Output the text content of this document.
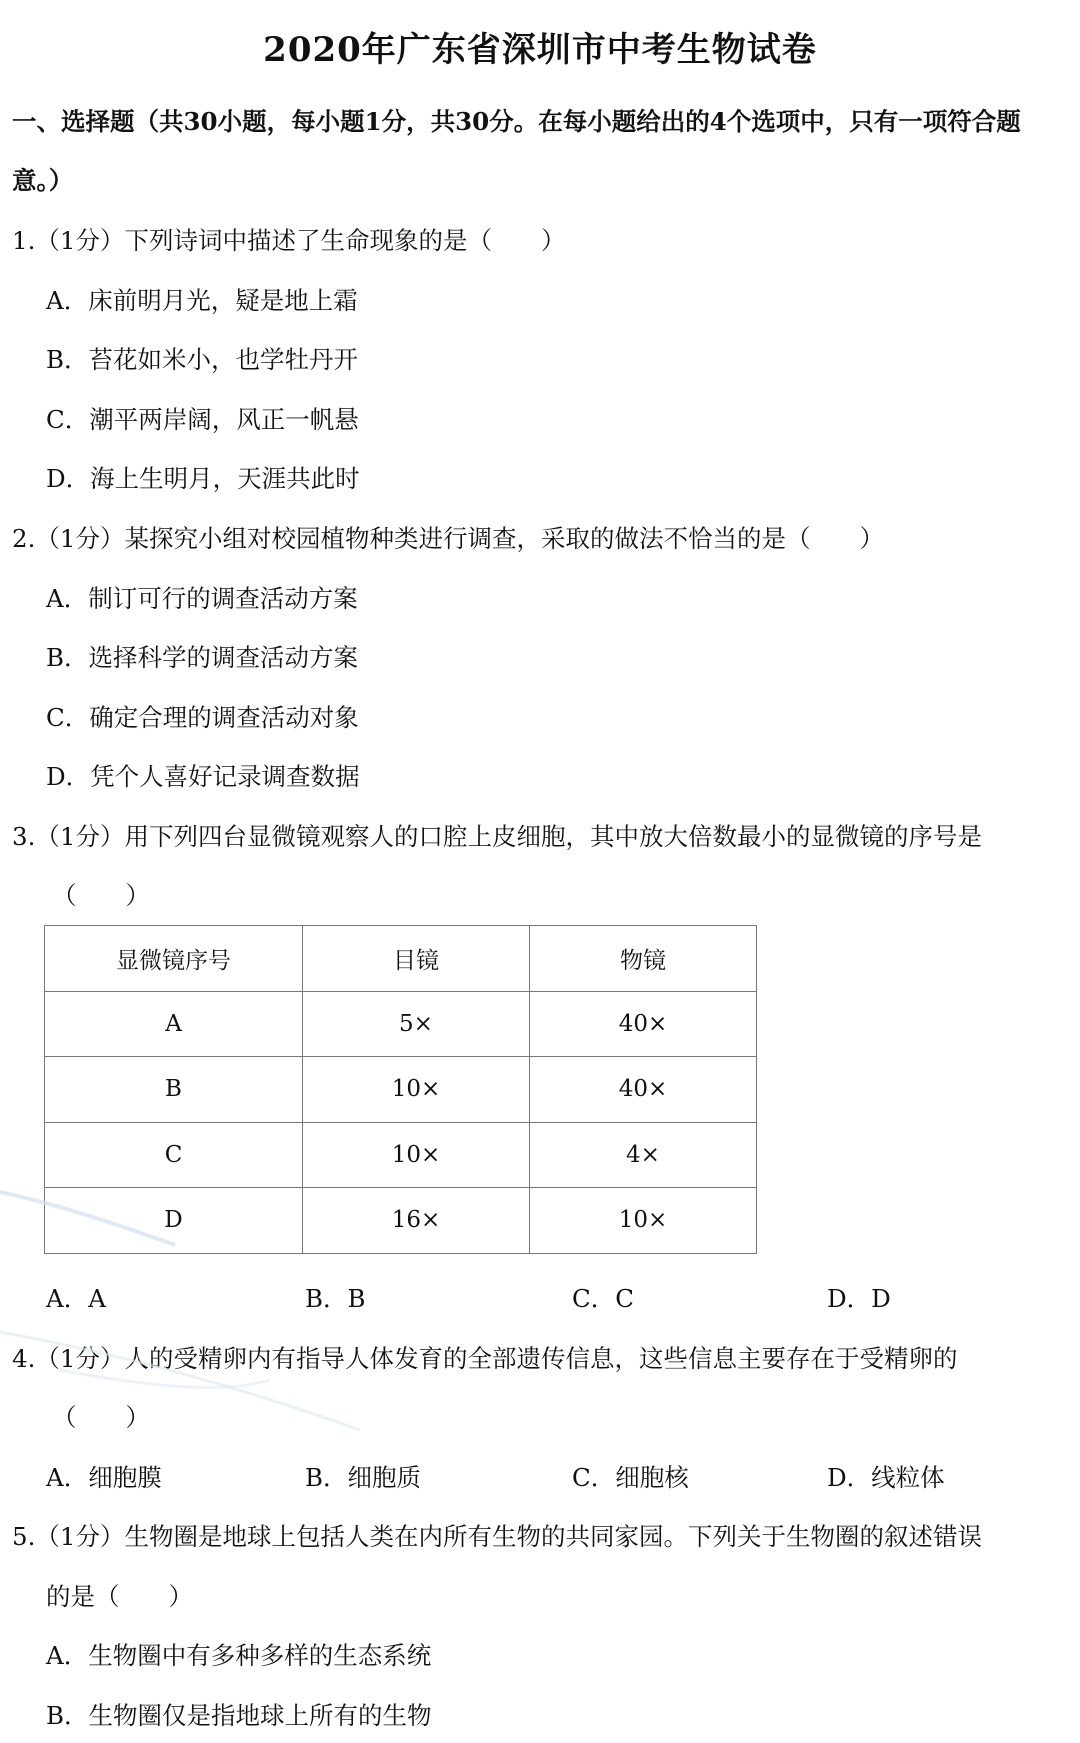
2020年广东省深圳市中考生物试卷

一、选择题（共30小题，每小题1分，共30分。在每小题给出的4个选项中，只有一项符合题意。）

1.（1分）下列诗词中描述了生命现象的是（　　）

A．床前明月光，疑是地上霜

B．苔花如米小，也学牡丹开

C．潮平两岸阔，风正一帆悬

D．海上生明月，天涯共此时

2.（1分）某探究小组对校园植物种类进行调查，采取的做法不恰当的是（　　）

A．制订可行的调查活动方案

B．选择科学的调查活动方案

C．确定合理的调查活动对象

D．凭个人喜好记录调查数据

3.（1分）用下列四台显微镜观察人的口腔上皮细胞，其中放大倍数最小的显微镜的序号是

（　　）

显微镜序号	目镜	物镜
A	5×	40×
B	10×	40×
C	10×	4×
D	16×	10×
A．A	B．B	C．C	D．D

4.（1分）人的受精卵内有指导人体发育的全部遗传信息，这些信息主要存在于受精卵的

（　　）

A．细胞膜	B．细胞质	C．细胞核	D．线粒体

5.（1分）生物圈是地球上包括人类在内所有生物的共同家园。下列关于生物圈的叙述错误

的是（　　）

A．生物圈中有多种多样的生态系统

B．生物圈仅是指地球上所有的生物
